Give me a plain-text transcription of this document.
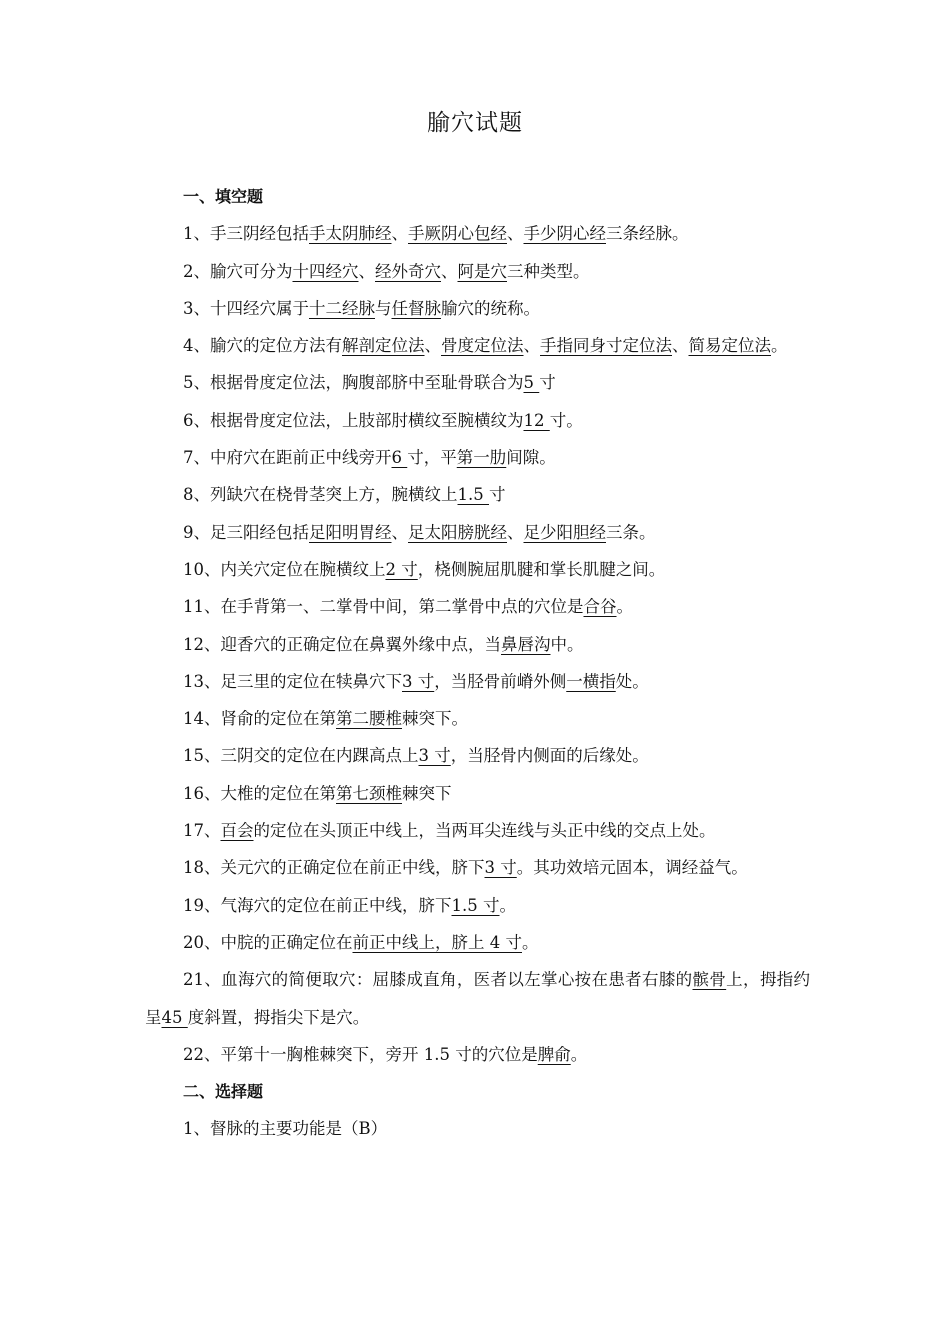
腧穴试题

一、填空题

1、手三阴经包括手太阴肺经、手厥阴心包经、手少阴心经三条经脉。

2、腧穴可分为十四经穴、经外奇穴、阿是穴三种类型。

3、十四经穴属于十二经脉与任督脉腧穴的统称。

4、腧穴的定位方法有解剖定位法、骨度定位法、手指同身寸定位法、简易定位法。

5、根据骨度定位法，胸腹部脐中至耻骨联合为5 寸

6、根据骨度定位法，上肢部肘横纹至腕横纹为12 寸。

7、中府穴在距前正中线旁开6 寸，平第一肋间隙。

8、列缺穴在桡骨茎突上方，腕横纹上1.5 寸

9、足三阳经包括足阳明胃经、足太阳膀胱经、足少阳胆经三条。

10、内关穴定位在腕横纹上2 寸，桡侧腕屈肌腱和掌长肌腱之间。

11、在手背第一、二掌骨中间，第二掌骨中点的穴位是合谷。

12、迎香穴的正确定位在鼻翼外缘中点，当鼻唇沟中。

13、足三里的定位在犊鼻穴下3 寸，当胫骨前嵴外侧一横指处。

14、肾俞的定位在第第二腰椎棘突下。

15、三阴交的定位在内踝高点上3 寸，当胫骨内侧面的后缘处。

16、大椎的定位在第第七颈椎棘突下

17、百会的定位在头顶正中线上，当两耳尖连线与头正中线的交点上处。

18、关元穴的正确定位在前正中线，脐下3 寸。其功效培元固本，调经益气。

19、气海穴的定位在前正中线，脐下1.5 寸。

20、中脘的正确定位在前正中线上，脐上 4 寸。

21、血海穴的简便取穴：屈膝成直角，医者以左掌心按在患者右膝的髌骨上，拇指约呈45 度斜置，拇指尖下是穴。

22、平第十一胸椎棘突下，旁开 1.5 寸的穴位是脾俞。

二、选择题

1、督脉的主要功能是（B）
